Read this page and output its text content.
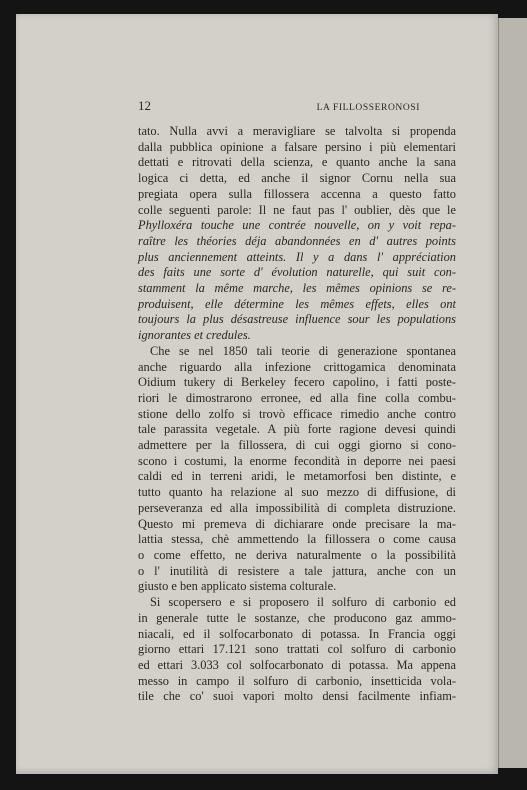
12	LA FILLOSSERONOSI
tato. Nulla avvi a meravigliare se talvolta si propenda
dalla pubblica opinione a falsare persino i più elementari
dettati e ritrovati della scienza, e quanto anche la sana
logica ci detta, ed anche il signor Cornu nella sua
pregiata opera sulla fillossera accenna a questo fatto
colle seguenti parole: Il ne faut pas l' oublier, dès que le
Phylloxéra touche une contrée nouvelle, on y voit repa-
raître les théories déja abandonnées en d' autres points
plus anciennement atteints. Il y a dans l' appréciation
des faits une sorte d' évolution naturelle, qui suit con-
stamment la même marche, les mêmes opinions se re-
produisent, elle détermine les mêmes effets, elles ont
toujours la plus désastreuse influence sour les populations
ignorantes et credules.
Che se nel 1850 tali teorie di generazione spontanea
anche riguardo alla infezione crittogamica denominata
Oidium tukery di Berkeley fecero capolino, i fatti poste-
riori le dimostrarono erronee, ed alla fine colla combu-
stione dello zolfo si trovò efficace rimedio anche contro
tale parassita vegetale. A più forte ragione devesi quindi
admettere per la fillossera, di cui oggi giorno si cono-
scono i costumi, la enorme fecondità in deporre nei paesi
caldi ed in terreni aridi, le metamorfosi ben distinte, e
tutto quanto ha relazione al suo mezzo di diffusione, di
perseveranza ed alla impossibilità di completa distruzione.
Questo mi premeva di dichiarare onde precisare la ma-
lattia stessa, chè ammettendo la fillossera o come causa
o come effetto, ne deriva naturalmente o la possibilità
o l' inutilità di resistere a tale jattura, anche con un
giusto e ben applicato sistema colturale.
Si scopersero e si proposero il solfuro di carbonio ed
in generale tutte le sostanze, che producono gaz ammo-
niacali, ed il solfocarbonato di potassa. In Francia oggi
giorno ettari 17.121 sono trattati col solfuro di carbonio
ed ettari 3.033 col solfocarbonato di potassa. Ma appena
messo in campo il solfuro di carbonio, insetticida vola-
tile che co' suoi vapori molto densi facilmente infiam-
